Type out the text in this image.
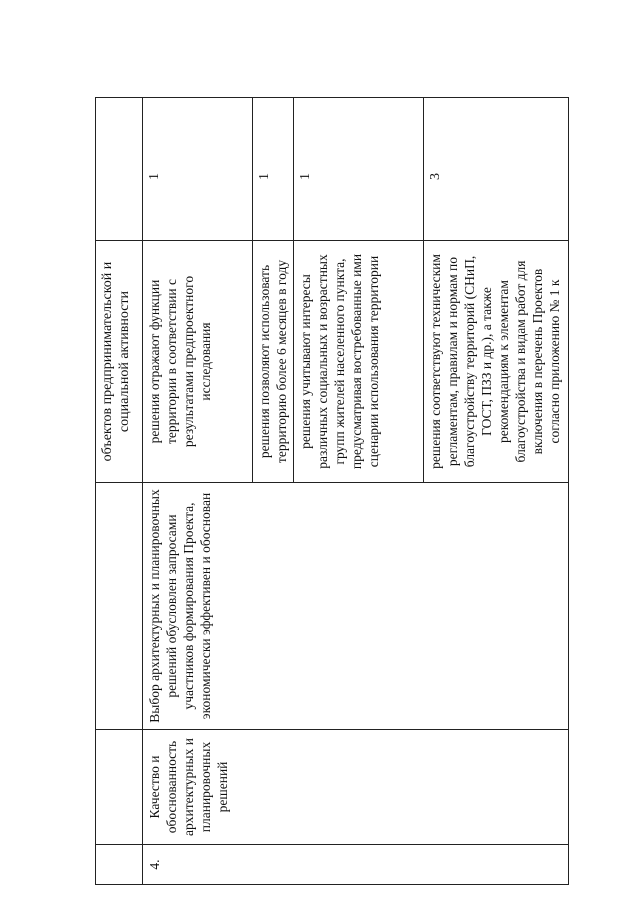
			объектов предпринимательской и социальной активности	
4.	Качество и обоснованность архитектурных и планировочных решений	Выбор архитектурных и планировочных решений обусловлен запросами участников формирования Проекта, экономически эффективен и обоснован	решения отражают функции территории в соответствии с результатами предпроектного исследования	1
			решения позволяют использовать территорию более 6 месяцев в году	1
			решения учитывают интересы различных социальных и возрастных групп жителей населенного пункта, предусматривая востребованные ими сценарии использования территории	1
			решения соответствуют техническим регламентам, правилам и нормам по благоустройству территорий (СНиП, ГОСТ, ПЗЗ и др.), а также рекомендациям к элементам благоустройства и видам работ для включения в перечень Проектов согласно приложению № 1 к	3
